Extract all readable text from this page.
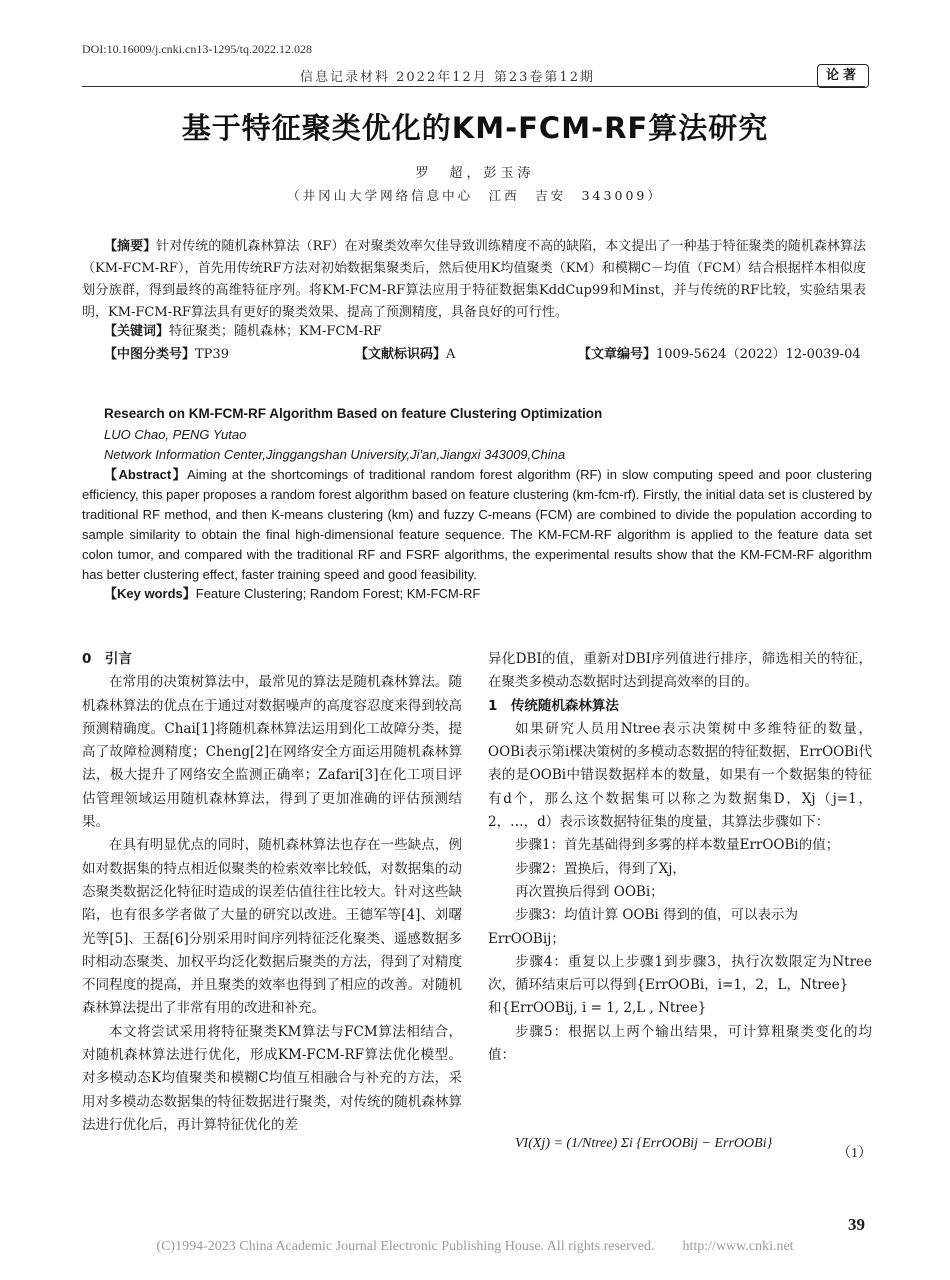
DOI:10.16009/j.cnki.cn13-1295/tq.2022.12.028
信息记录材料 2022年12月 第23卷第12期	论著
基于特征聚类优化的KM-FCM-RF算法研究
罗　超，彭玉涛
（井冈山大学网络信息中心　江西　吉安　343009）

【摘要】针对传统的随机森林算法（RF）在对聚类效率欠佳导致训练精度不高的缺陷，本文提出了一种基于特征聚类的随机森林算法（KM-FCM-RF），首先用传统RF方法对初始数据集聚类后，然后使用K均值聚类（KM）和模糊C－均值（FCM）结合根据样本相似度划分族群，得到最终的高维特征序列。将KM-FCM-RF算法应用于特征数据集KddCup99和Minst，并与传统的RF比较，实验结果表明，KM-FCM-RF算法具有更好的聚类效果、提高了预测精度，具备良好的可行性。

【关键词】特征聚类；随机森林；KM-FCM-RF
【中图分类号】TP39	【文献标识码】A	【文章编号】1009-5624（2022）12-0039-04
Research on KM-FCM-RF Algorithm Based on feature Clustering Optimization
LUO Chao, PENG Yutao
Network Information Center,Jinggangshan University,Ji'an,Jiangxi 343009,China

【Abstract】Aiming at the shortcomings of traditional random forest algorithm (RF) in slow computing speed and poor clustering efficiency, this paper proposes a random forest algorithm based on feature clustering (km-fcm-rf). Firstly, the initial data set is clustered by traditional RF method, and then K-means clustering (km) and fuzzy C-means (FCM) are combined to divide the population according to sample similarity to obtain the final high-dimensional feature sequence. The KM-FCM-RF algorithm is applied to the feature data set colon tumor, and compared with the traditional RF and FSRF algorithms, the experimental results show that the KM-FCM-RF algorithm has better clustering effect, faster training speed and good feasibility.

【Key words】Feature Clustering; Random Forest; KM-FCM-RF
0　引言

在常用的决策树算法中，最常见的算法是随机森林算法。随机森林算法的优点在于通过对数据噪声的高度容忍度来得到较高预测精确度。Chai[1]将随机森林算法运用到化工故障分类，提高了故障检测精度；Cheng[2]在网络安全方面运用随机森林算法，极大提升了网络安全监测正确率；Zafari[3]在化工项目评估管理领域运用随机森林算法，得到了更加准确的评估预测结果。

在具有明显优点的同时，随机森林算法也存在一些缺点，例如对数据集的特点相近似聚类的检索效率比较低，对数据集的动态聚类数据泛化特征时造成的误差估值往往比较大。针对这些缺陷，也有很多学者做了大量的研究以改进。王德军等[4]、刘曙光等[5]、王磊[6]分别采用时间序列特征泛化聚类、遥感数据多时相动态聚类、加权平均泛化数据后聚类的方法，得到了对精度不同程度的提高，并且聚类的效率也得到了相应的改善。对随机森林算法提出了非常有用的改进和补充。

本文将尝试采用将特征聚类KM算法与FCM算法相结合，对随机森林算法进行优化，形成KM-FCM-RF算法优化模型。对多模动态K均值聚类和模糊C均值互相融合与补充的方法，采用对多模动态数据集的特征数据进行聚类，对传统的随机森林算法进行优化后，再计算特征优化的差

异化DBI的值，重新对DBI序列值进行排序，筛选相关的特征，在聚类多模动态数据时达到提高效率的目的。

1　传统随机森林算法

如果研究人员用Ntree表示决策树中多维特征的数量，OOBi表示第i棵决策树的多模动态数据的特征数据，ErrOOBi代表的是OOBi中错误数据样本的数量，如果有一个数据集的特征有d个，那么这个数据集可以称之为数据集D，Xj（j=1，2，…，d）表示该数据特征集的度量，其算法步骤如下：

步骤1：首先基础得到多雾的样本数量ErrOOBi的值；

步骤2：置换后，得到了Xj，

再次置换后得到 OOBi；

步骤3：均值计算 OOBi 得到的值，可以表示为

ErrOOBij；

步骤4：重复以上步骤1到步骤3，执行次数限定为Ntree次，循环结束后可以得到{ErrOOBi，i=1，2，L，Ntree}

和{ErrOOBij, i = 1, 2,L , Ntree}

步骤5：根据以上两个输出结果，可计算粗聚类变化的均值：

VI(Xj) = (1/Ntree) Σi {ErrOOBij − ErrOOBi}
（1）
39
(C)1994-2023 China Academic Journal Electronic Publishing House. All rights reserved.　　http://www.cnki.net
